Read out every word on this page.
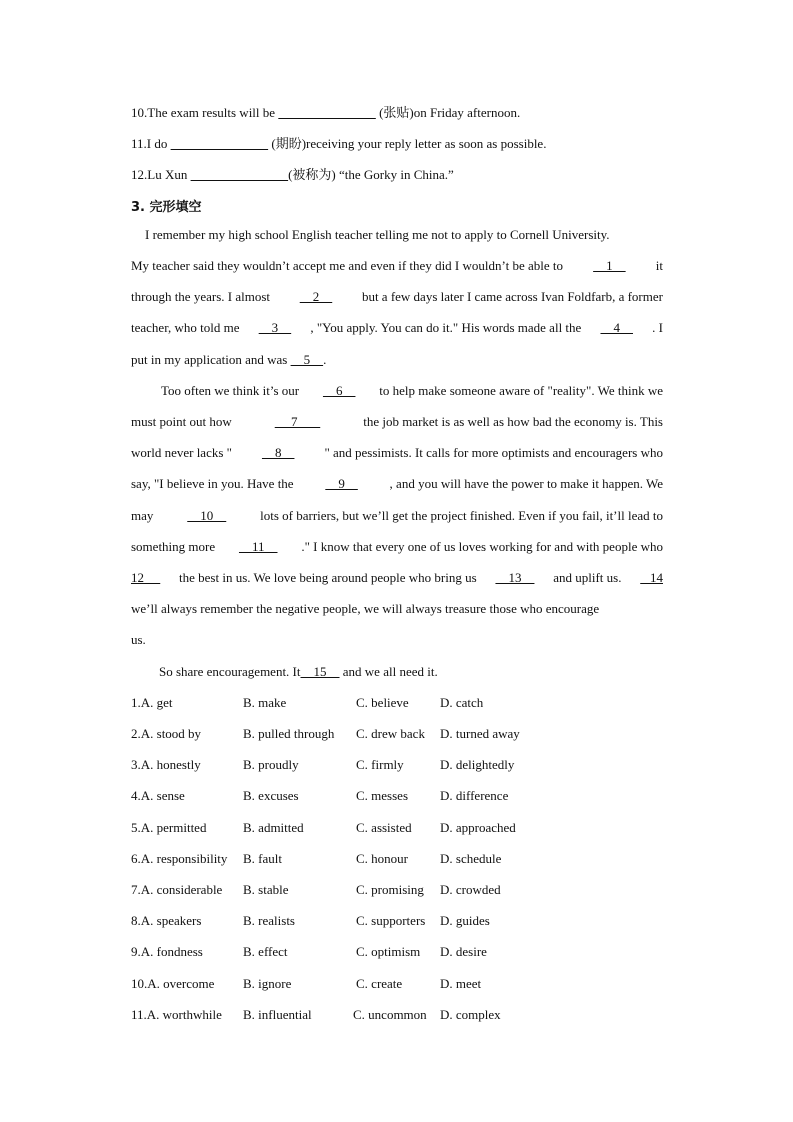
10.The exam results will be	(张贴)on Friday afternoon.
11.I do	(期盼)receiving your reply letter as soon as possible.
12.Lu Xun	(被称为) “the Gorky in China.”
3. 完形填空
I remember my high school English teacher telling me not to apply to Cornell University.
My teacher said they wouldn’t accept me and even if they did I wouldn’t be able to 1 it
through the years. I almost 2 but a few days later I came across Ivan Foldfarb, a former
teacher, who told me 3 , "You apply. You can do it." His words made all the 4 . I
put in my application and was     5    .
Too often we think it’s our 6 to help make someone aware of "reality". We think we
must point out how	7	the job market is as well as how bad the economy is. This
world never lacks " 8 " and pessimists. It calls for more optimists and encouragers who
say, "I believe in you. Have the 9 , and you will have the power to make it happen. We
may	10	lots of barriers, but we’ll get the project finished. Even if you fail, it’ll lead to
something more 11 ." I know that every one of us loves working for and with people who
12 the best in us. We love being around people who bring us 13 and uplift us. 14
we’ll always remember the negative people, we will always treasure those who encourage
us.
So share encouragement. It    15     and we all need it.
1.A. get	B. make	C. believe D. catch
2.A. stood by	B. pulled through C. drew back D. turned away
3.A. honestly	B. proudly	C. firmly	D. delightedly
4.A. sense	B. excuses	C. messes D. difference
5.A. permitted	B. admitted	C. assisted D. approached
6.A. responsibility B. fault	C. honour D. schedule
7.A. considerable B. stable	C. promising D. crowded
8.A. speakers	B. realists	C. supporters D. guides
9.A. fondness	B. effect	C. optimism D. desire
10.A. overcome B. ignore	C. create	D. meet
11.A. worthwhile B. influential	C. uncommon D. complex
